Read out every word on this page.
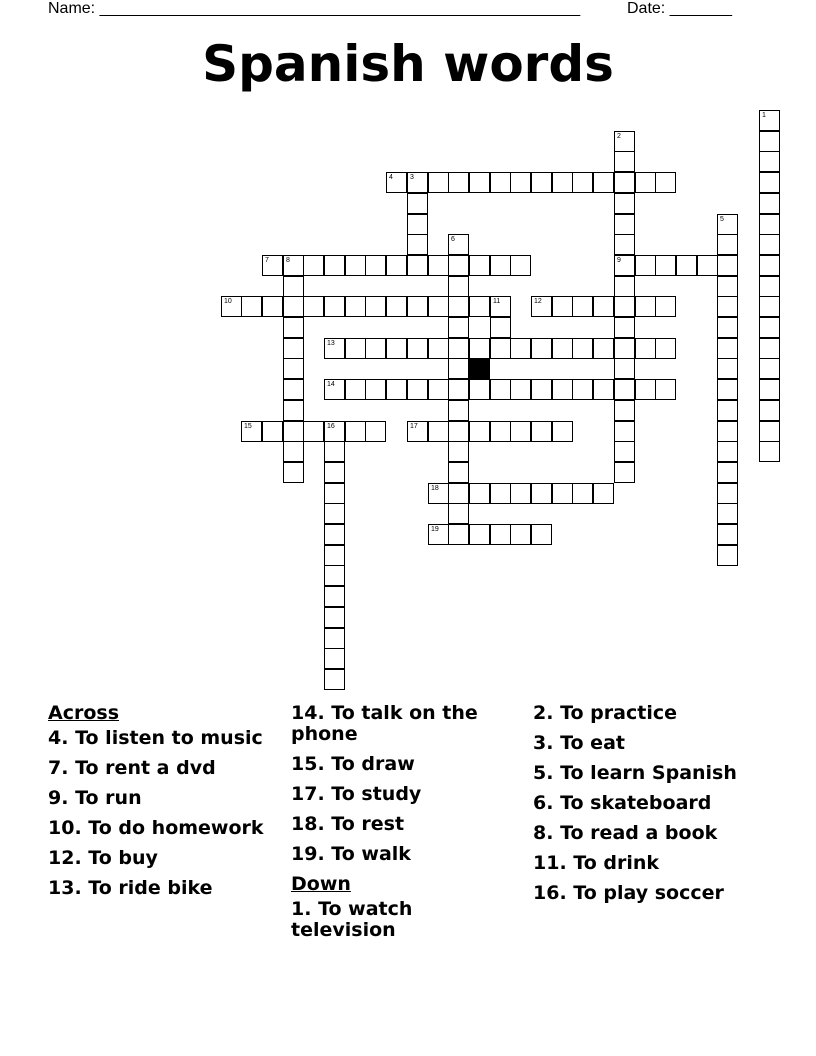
Name: ______________________________________________________	Date: _______
Spanish words
4 3
7 8	9
10	12
13
14
15	16	17
18
19
1
2
5
6
11
Across
4. To listen to music
7. To rent a dvd
9. To run
10. To do homework
12. To buy
13. To ride bike
14. To talk on the phone
15. To draw
17. To study
18. To rest
19. To walk
Down
1. To watch television
2. To practice
3. To eat
5. To learn Spanish
6. To skateboard
8. To read a book
11. To drink
16. To play soccer
